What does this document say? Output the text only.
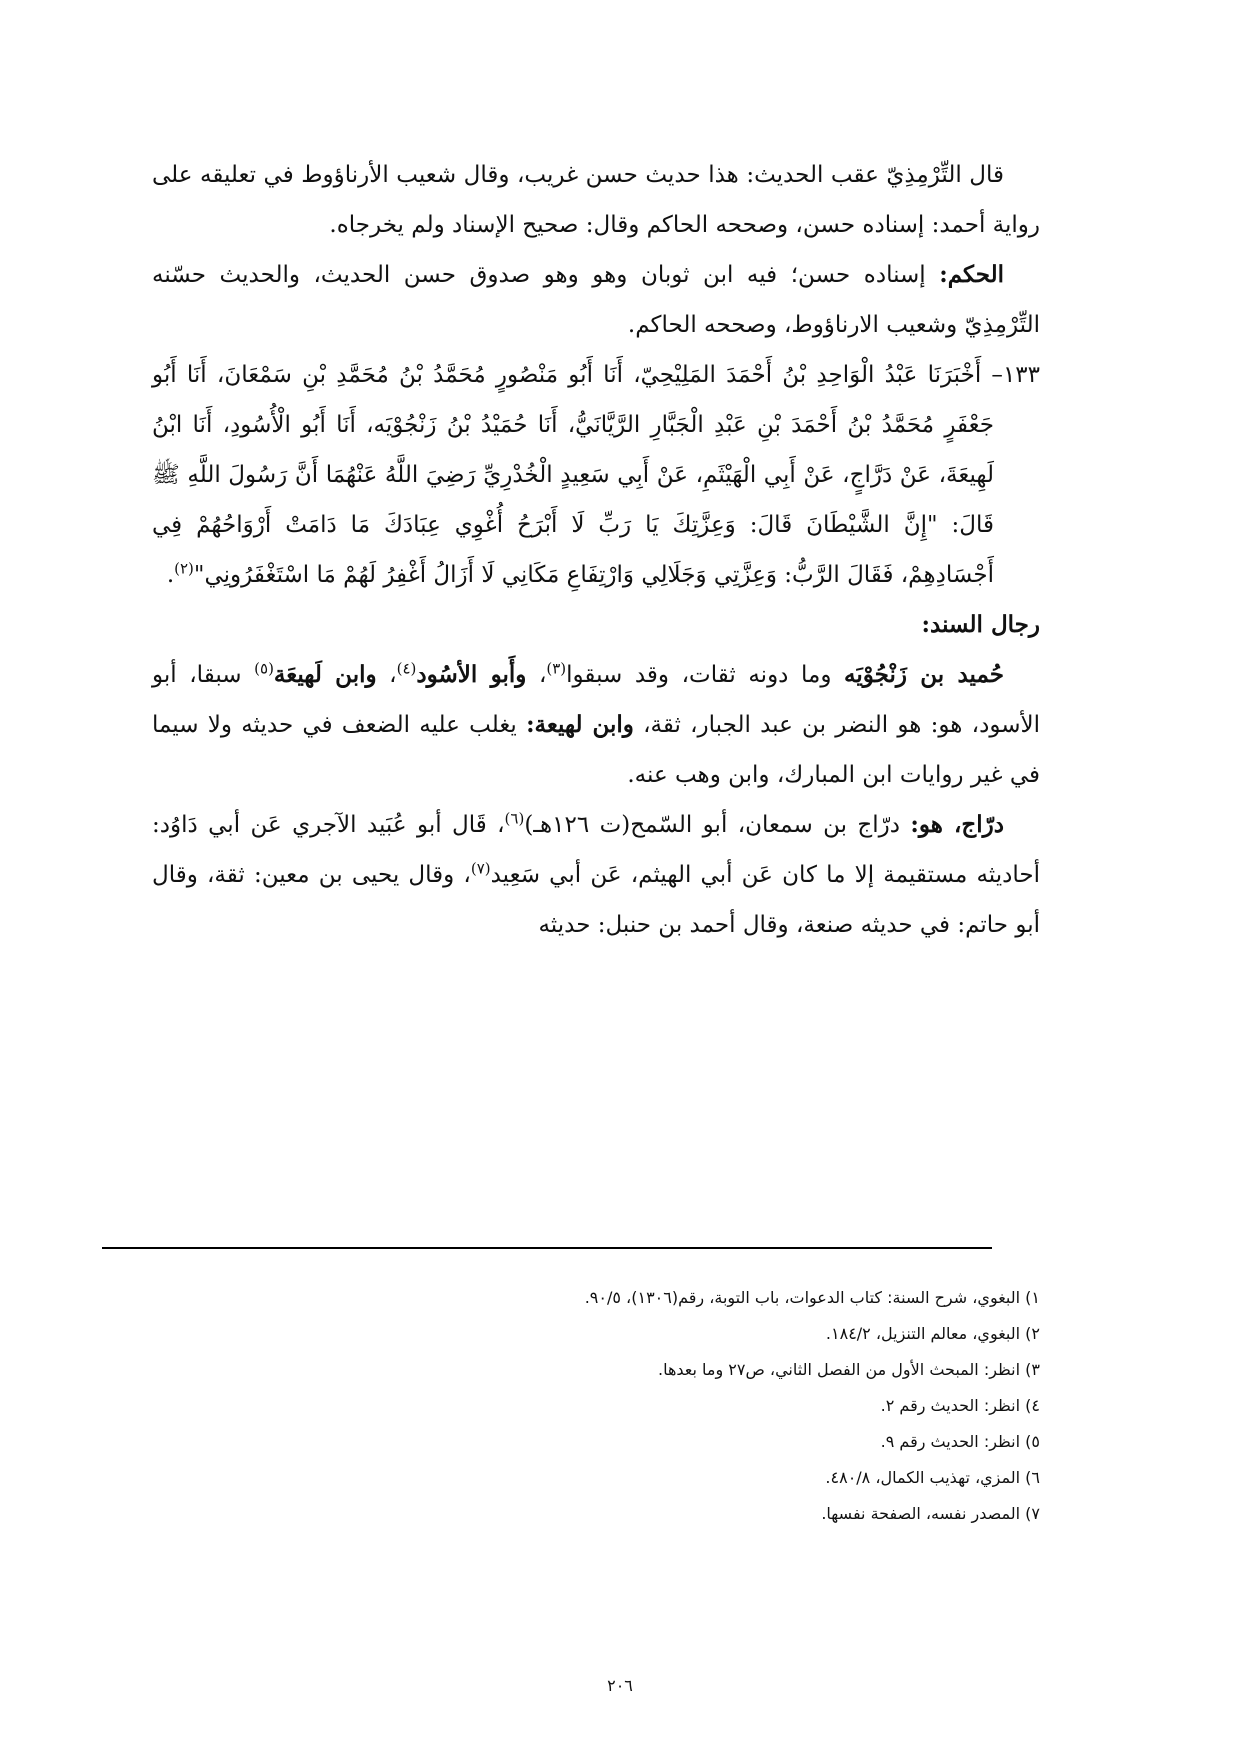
قال التِّرْمِذِيّ عقب الحديث: هذا حديث حسن غريب، وقال شعيب الأرناؤوط في تعليقه على رواية أحمد: إسناده حسن، وصححه الحاكم وقال: صحيح الإسناد ولم يخرجاه.

الحكم: إسناده حسن؛ فيه ابن ثوبان وهو وهو صدوق حسن الحديث، والحديث حسّنه التِّرْمِذِيّ وشعيب الارناؤوط، وصححه الحاكم.

١٣٣– أَخْبَرَنَا عَبْدُ الْوَاحِدِ بْنُ أَحْمَدَ المَلِيْحِيّ، أَنَا أَبُو مَنْصُورٍ مُحَمَّدُ بْنُ مُحَمَّدِ بْنِ سَمْعَانَ، أَنَا أَبُو جَعْفَرٍ مُحَمَّدُ بْنُ أَحْمَدَ بْنِ عَبْدِ الْجَبَّارِ الرَّيَّانَيُّ، أَنَا حُمَيْدُ بْنُ زَنْجُوْيَه، أَنَا أَبُو الْأُسُودِ، أَنَا ابْنُ لَهِيعَةَ، عَنْ دَرَّاجٍ، عَنْ أَبِي الْهَيْثَمِ، عَنْ أَبِي سَعِيدٍ الْخُدْرِيِّ رَضِيَ اللَّهُ عَنْهُمَا أَنَّ رَسُولَ اللَّهِ ﷺ قَالَ: "إِنَّ الشَّيْطَانَ قَالَ: وَعِزَّتِكَ يَا رَبِّ لَا أَبْرَحُ أُغْوِي عِبَادَكَ مَا دَامَتْ أَرْوَاحُهُمْ فِي أَجْسَادِهِمْ، فَقَالَ الرَّبُّ: وَعِزَّتِي وَجَلَالِي وَارْتِفَاعِ مَكَانِي لَا أَزَالُ أَغْفِرُ لَهُمْ مَا اسْتَغْفَرُونِي"$^{(٢)}$.

رجال السند:

حُميد بن زَنْجُوْيَه وما دونه ثقات، وقد سبقوا$^{(٣)}$، وأَبو الأسُود$^{(٤)}$، وابن لَهيعَة$^{(٥)}$ سبقا، أبو الأسود، هو: هو النضر بن عبد الجبار، ثقة، وابن لهيعة: يغلب عليه الضعف في حديثه ولا سيما في غير روايات ابن المبارك، وابن وهب عنه.

درّاج، هو: درّاج بن سمعان، أبو السّمح(ت ١٢٦هـ)$^{(٦)}$، قَال أبو عُبَيد الآجري عَن أبي دَاوُد: أحاديثه مستقيمة إلا ما كان عَن أبي الهيثم، عَن أبي سَعِيد$^{(٧)}$، وقال يحيى بن معين: ثقة، وقال أبو حاتم: في حديثه صنعة، وقال أحمد بن حنبل: حديثه

١) البغوي، شرح السنة: كتاب الدعوات، باب التوبة، رقم(١٣٠٦)، ٩٠/٥.
٢) البغوي، معالم التنزيل، ١٨٤/٢.
٣) انظر: المبحث الأول من الفصل الثاني، ص٢٧ وما بعدها.
٤) انظر: الحديث رقم ٢.
٥) انظر: الحديث رقم ٩.
٦) المزي، تهذيب الكمال، ٤٨٠/٨.
٧) المصدر نفسه، الصفحة نفسها.
٢٠٦
